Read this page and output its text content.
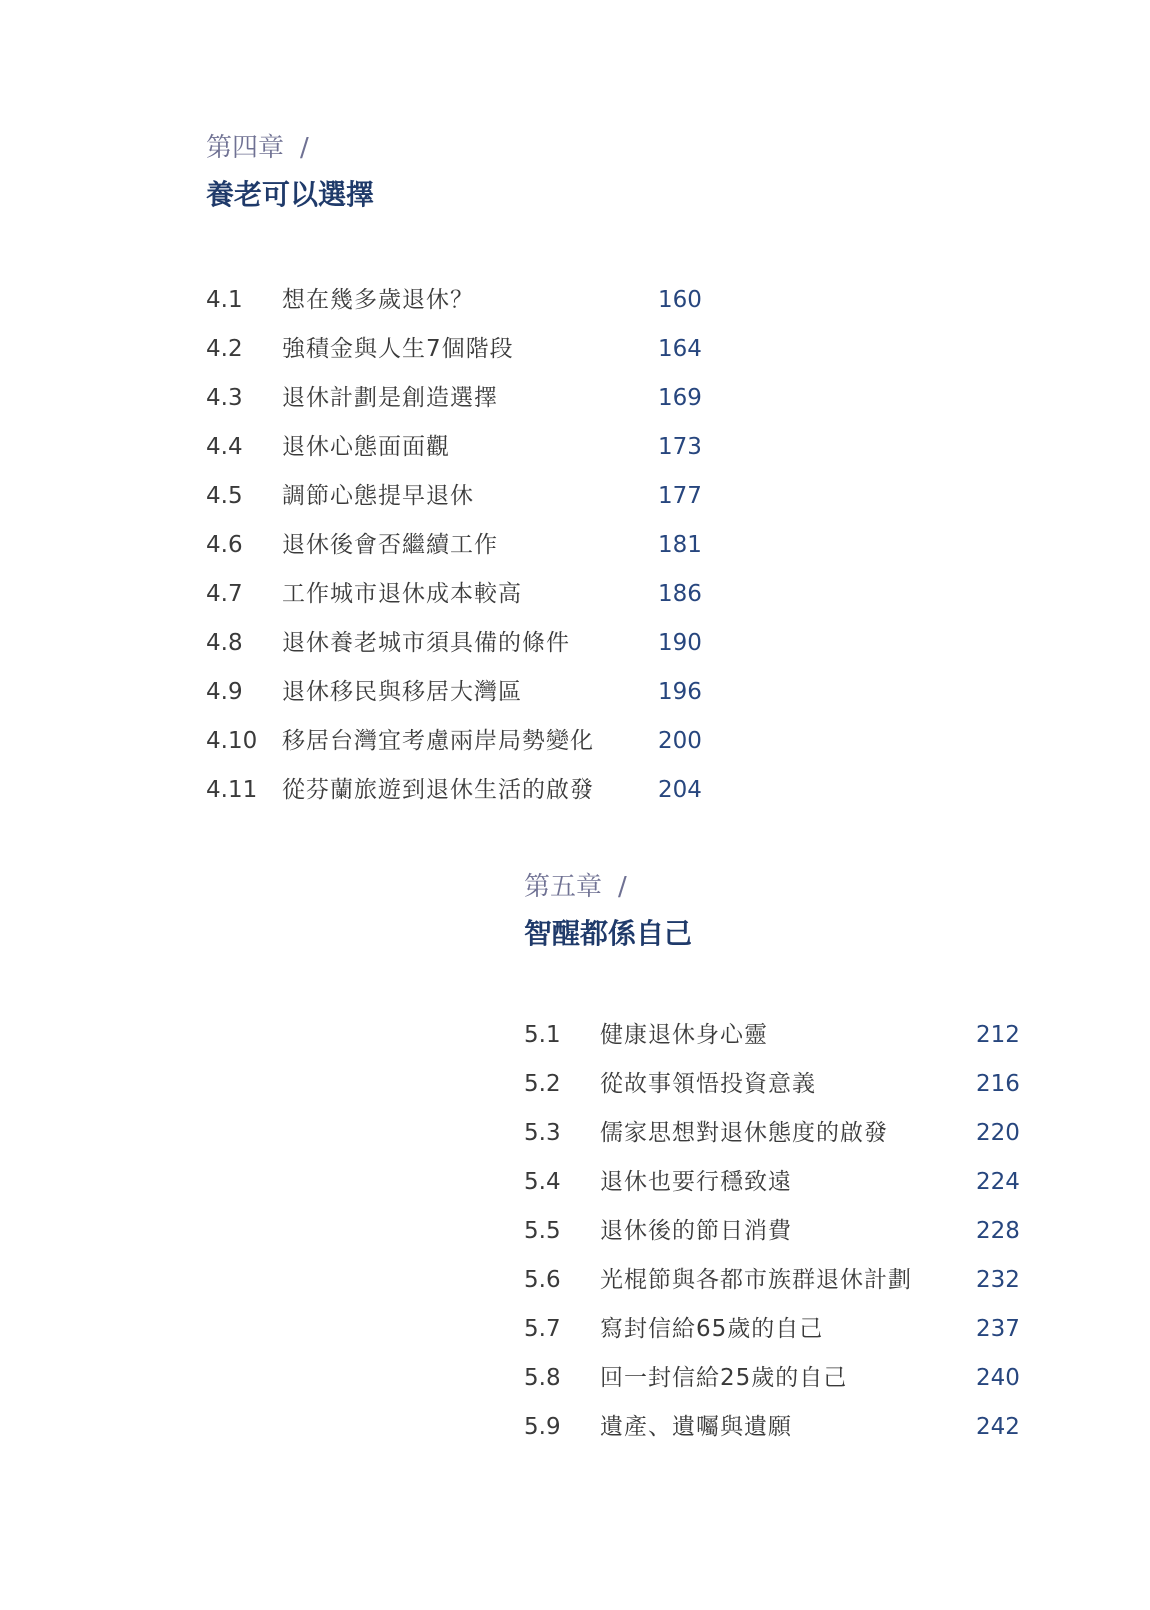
第四章 /
養老可以選擇
4.1 想在幾多歲退休？	160
4.2 強積金與人生7個階段	164
4.3 退休計劃是創造選擇	169
4.4 退休心態面面觀	173
4.5 調節心態提早退休	177
4.6 退休後會否繼續工作	181
4.7 工作城市退休成本較高	186
4.8 退休養老城市須具備的條件	190
4.9 退休移民與移居大灣區	196
4.10 移居台灣宜考慮兩岸局勢變化	200
4.11 從芬蘭旅遊到退休生活的啟發	204
第五章 /
智醒都係自己
5.1 健康退休身心靈	212
5.2 從故事領悟投資意義	216
5.3 儒家思想對退休態度的啟發	220
5.4 退休也要行穩致遠	224
5.5 退休後的節日消費	228
5.6 光棍節與各都市族群退休計劃	232
5.7 寫封信給65歲的自己	237
5.8 回一封信給25歲的自己	240
5.9 遺產、遺囑與遺願	242
